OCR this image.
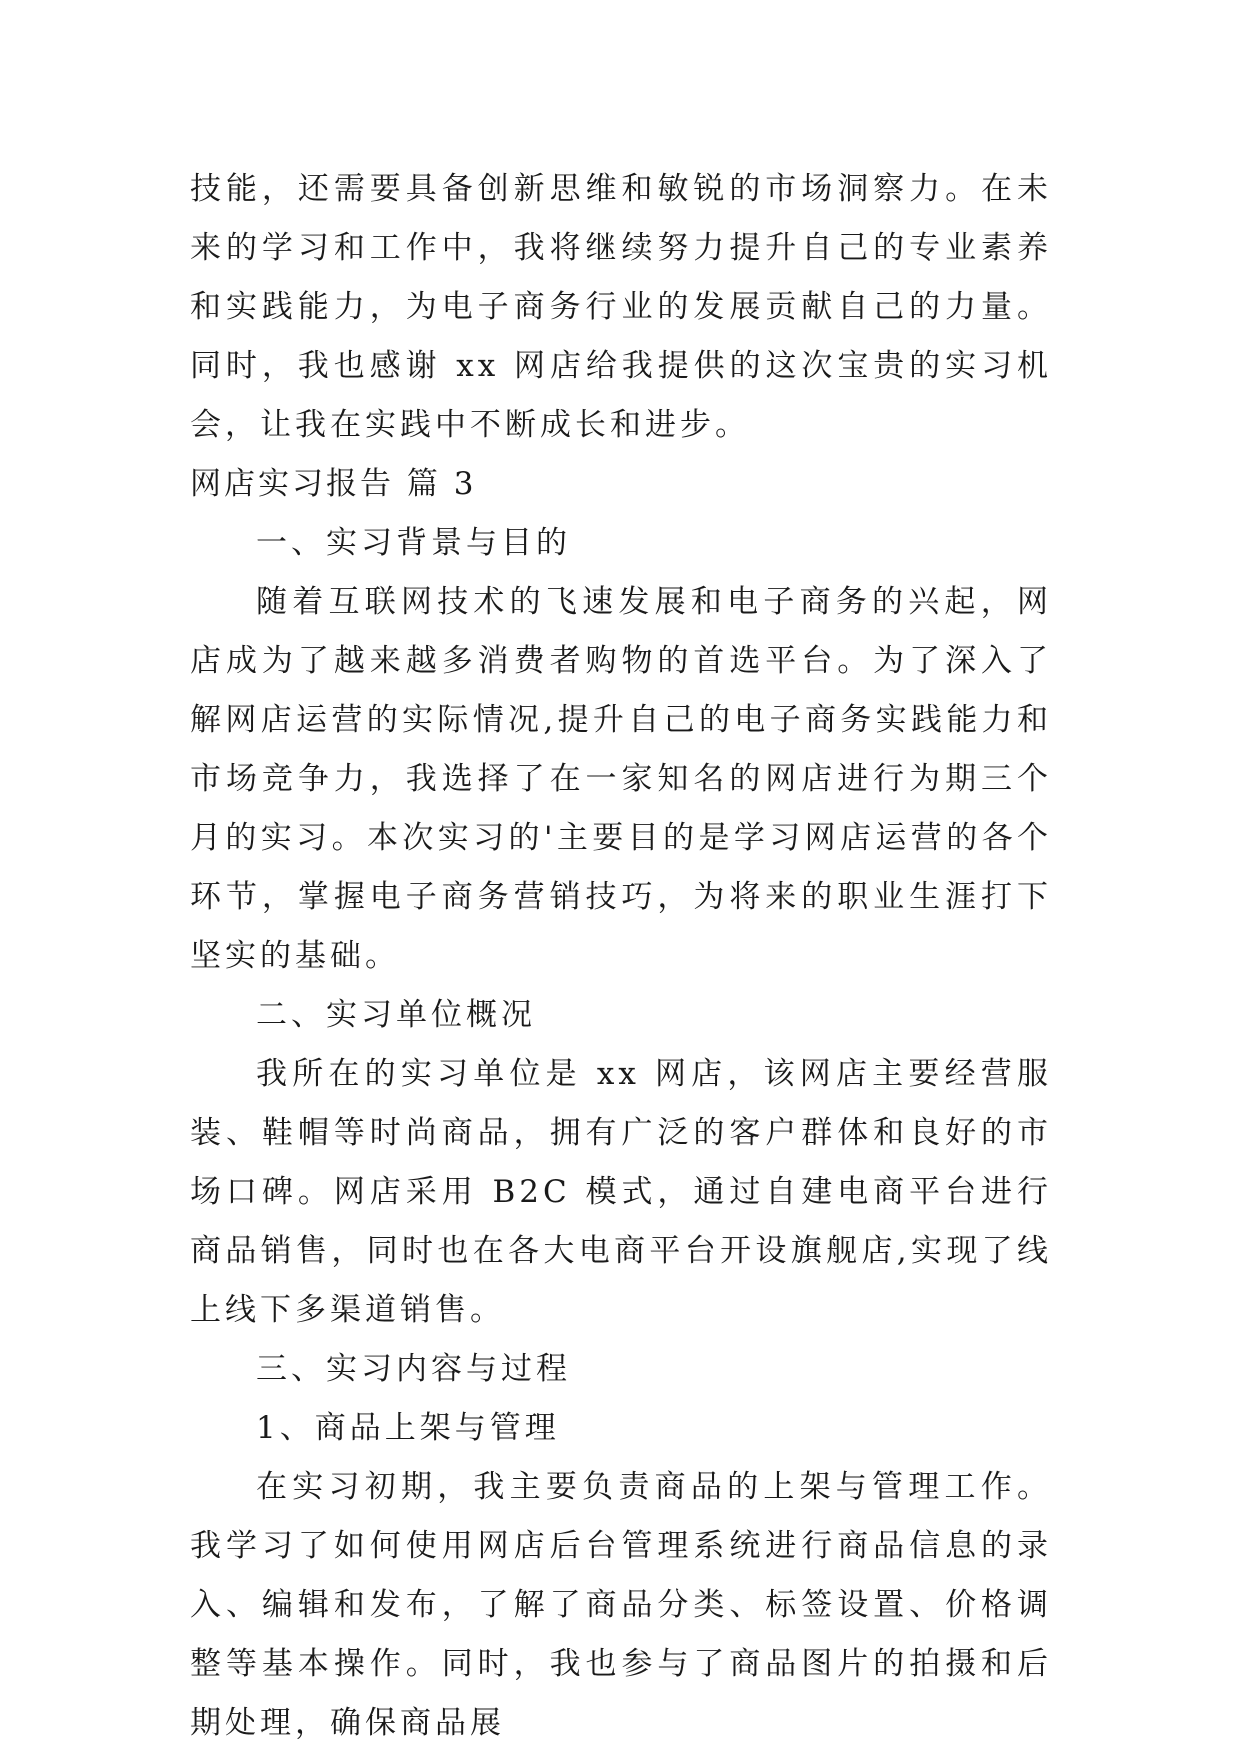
技能，还需要具备创新思维和敏锐的市场洞察力。在未来的学习和工作中，我将继续努力提升自己的专业素养和实践能力，为电子商务行业的发展贡献自己的力量。同时，我也感谢 xx 网店给我提供的这次宝贵的实习机会，让我在实践中不断成长和进步。

网店实习报告 篇 3

一、实习背景与目的

随着互联网技术的飞速发展和电子商务的兴起，网店成为了越来越多消费者购物的首选平台。为了深入了解网店运营的实际情况,提升自己的电子商务实践能力和市场竞争力，我选择了在一家知名的网店进行为期三个月的实习。本次实习的'主要目的是学习网店运营的各个环节，掌握电子商务营销技巧，为将来的职业生涯打下坚实的基础。

二、实习单位概况

我所在的实习单位是 xx 网店，该网店主要经营服装、鞋帽等时尚商品，拥有广泛的客户群体和良好的市场口碑。网店采用 B2C 模式，通过自建电商平台进行商品销售，同时也在各大电商平台开设旗舰店,实现了线上线下多渠道销售。

三、实习内容与过程

1、商品上架与管理

在实习初期，我主要负责商品的上架与管理工作。我学习了如何使用网店后台管理系统进行商品信息的录入、编辑和发布，了解了商品分类、标签设置、价格调整等基本操作。同时，我也参与了商品图片的拍摄和后期处理，确保商品展
